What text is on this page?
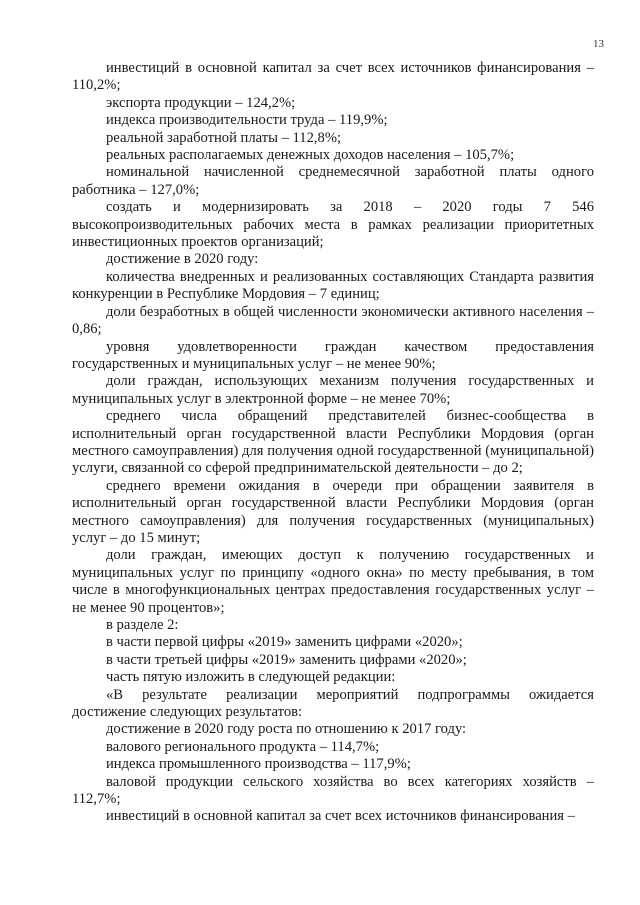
13

инвестиций в основной капитал за счет всех источников финансирования – 110,2%;

экспорта продукции – 124,2%;

индекса производительности труда – 119,9%;

реальной заработной платы – 112,8%;

реальных располагаемых денежных доходов населения – 105,7%;

номинальной начисленной среднемесячной заработной платы одного работника – 127,0%;

создать и модернизировать за 2018 – 2020 годы 7 546 высокопроизводительных рабочих места в рамках реализации приоритетных инвестиционных проектов организаций;

достижение в 2020 году:

количества внедренных и реализованных составляющих Стандарта развития конкуренции в Республике Мордовия – 7 единиц;

доли безработных в общей численности экономически активного населения – 0,86;

уровня удовлетворенности граждан качеством предоставления государственных и муниципальных услуг – не менее 90%;

доли граждан, использующих механизм получения государственных и муниципальных услуг в электронной форме – не менее 70%;

среднего числа обращений представителей бизнес-сообщества в исполнительный орган государственной власти Республики Мордовия (орган местного самоуправления) для получения одной государственной (муниципальной) услуги, связанной со сферой предпринимательской деятельности – до 2;

среднего времени ожидания в очереди при обращении заявителя в исполнительный орган государственной власти Республики Мордовия (орган местного самоуправления) для получения государственных (муниципальных) услуг – до 15 минут;

доли граждан, имеющих доступ к получению государственных и муниципальных услуг по принципу «одного окна» по месту пребывания, в том числе в многофункциональных центрах предоставления государственных услуг – не менее 90 процентов»;

в разделе 2:

в части первой цифры «2019» заменить цифрами «2020»;

в части третьей цифры «2019» заменить цифрами «2020»;

часть пятую изложить в следующей редакции:

«В результате реализации мероприятий подпрограммы ожидается достижение следующих результатов:

достижение в 2020 году роста по отношению к 2017 году:

валового регионального продукта – 114,7%;

индекса промышленного производства – 117,9%;

валовой продукции сельского хозяйства во всех категориях хозяйств – 112,7%;

инвестиций в основной капитал за счет всех источников финансирования –
